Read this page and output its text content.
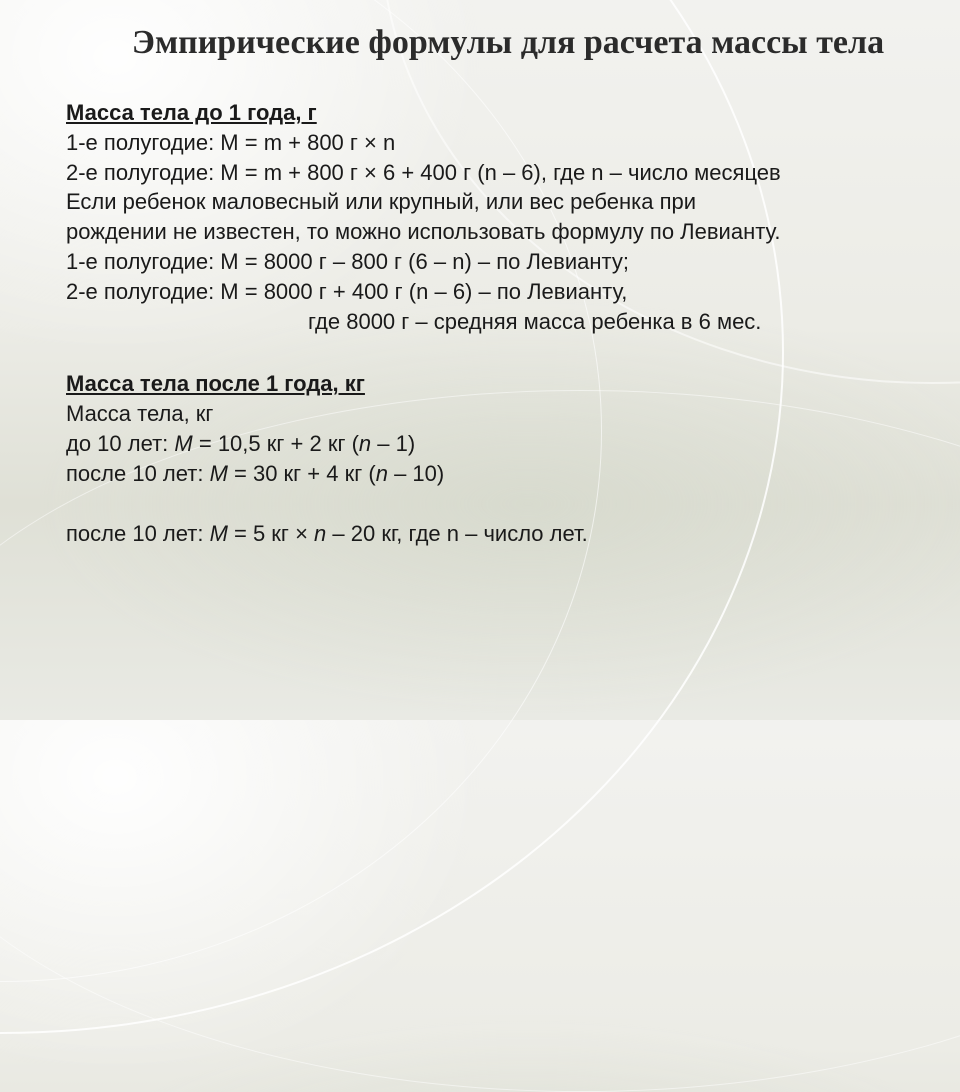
Эмпирические формулы для расчета массы тела
Масса тела до 1 года, г
1-е полугодие: M = m + 800 г × n
2-е полугодие: M = m + 800 г × 6 + 400 г (n – 6), где n – число месяцев
Если ребенок маловесный или крупный, или вес ребенка при
рождении не известен, то можно использовать формулу по Левианту.
1-е полугодие: M = 8000 г – 800 г (6 – n) – по Левианту;
2-е полугодие: M = 8000 г + 400 г (n – 6) – по Левианту,
где 8000 г – средняя масса ребенка в 6 мес.
Масса тела после 1 года, кг
Масса тела, кг
до 10 лет: M = 10,5 кг + 2 кг (n – 1)
после 10 лет: M = 30 кг + 4 кг (n – 10)
после 10 лет: M = 5 кг × n – 20 кг, где n – число лет.
